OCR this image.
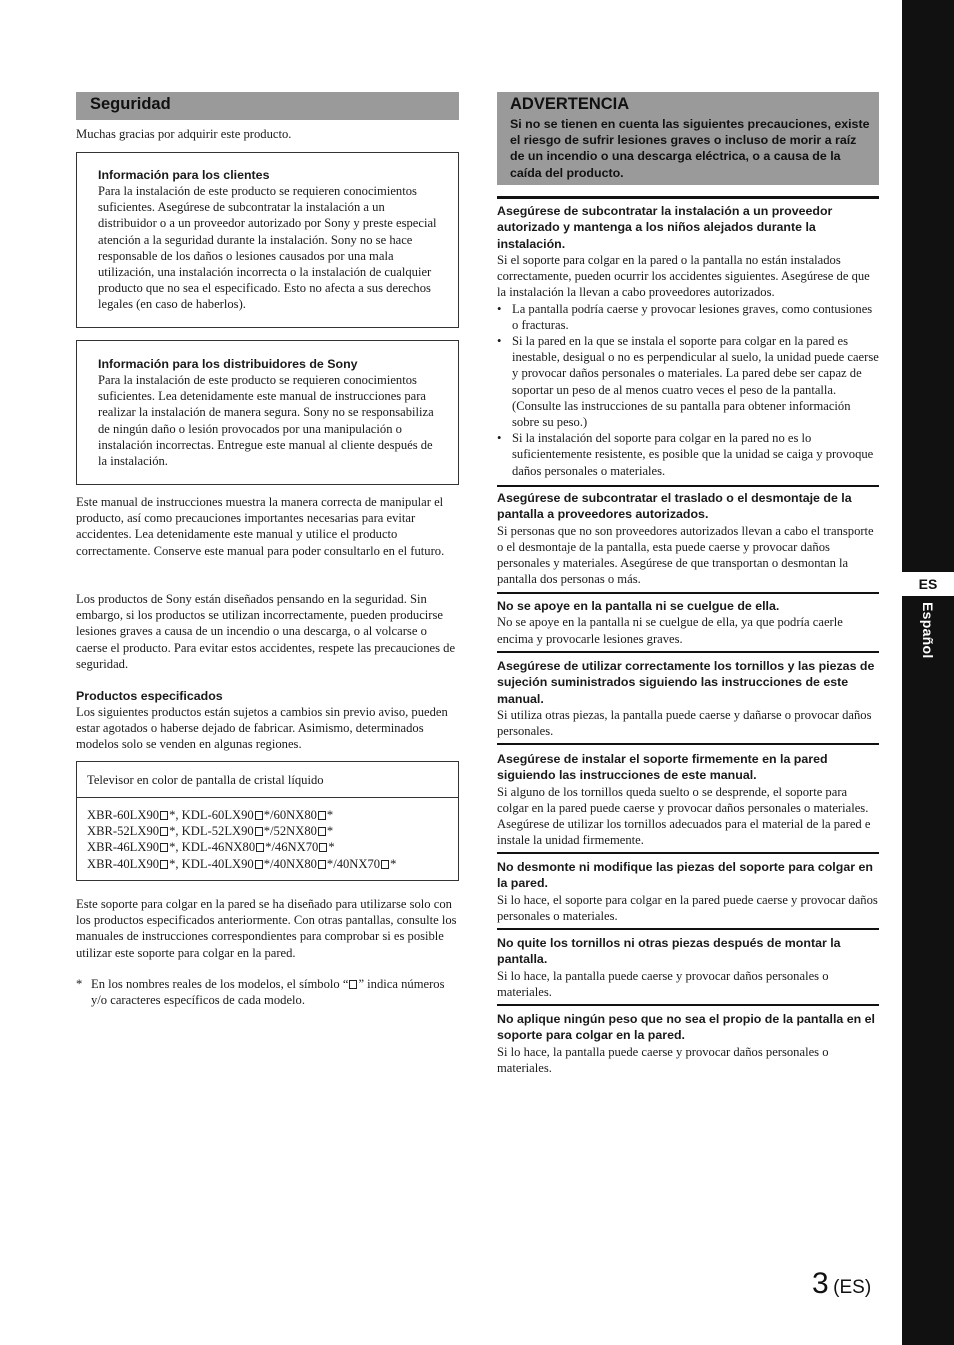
ES
Español
Seguridad

Muchas gracias por adquirir este producto.

Información para los clientes

Para la instalación de este producto se requieren conocimientos suficientes. Asegúrese de subcontratar la instalación a un distribuidor o a un proveedor autorizado por Sony y preste especial atención a la seguridad durante la instalación. Sony no se hace responsable de los daños o lesiones causados por una mala utilización, una instalación incorrecta o la instalación de cualquier producto que no sea el especificado. Esto no afecta a sus derechos legales (en caso de haberlos).

Información para los distribuidores de Sony

Para la instalación de este producto se requieren conocimientos suficientes. Lea detenidamente este manual de instrucciones para realizar la instalación de manera segura. Sony no se responsabiliza de ningún daño o lesión provocados por una manipulación o instalación incorrectas. Entregue este manual al cliente después de la instalación.

Este manual de instrucciones muestra la manera correcta de manipular el producto, así como precauciones importantes necesarias para evitar accidentes. Lea detenidamente este manual y utilice el producto correctamente. Conserve este manual para poder consultarlo en el futuro.

Los productos de Sony están diseñados pensando en la seguridad. Sin embargo, si los productos se utilizan incorrectamente, pueden producirse lesiones graves a causa de un incendio o una descarga, o al volcarse o caerse el producto. Para evitar estos accidentes, respete las precauciones de seguridad.

Productos especificados

Los siguientes productos están sujetos a cambios sin previo aviso, pueden estar agotados o haberse dejado de fabricar. Asimismo, determinados modelos solo se venden en algunas regiones.

Televisor en color de pantalla de cristal líquido
XBR-60LX90 *, KDL-60LX90 */60NX80 *
XBR-52LX90 *, KDL-52LX90 */52NX80 *
XBR-46LX90 *, KDL-46NX80 */46NX70 *
XBR-40LX90 *, KDL-40LX90 */40NX80 */40NX70 *

Este soporte para colgar en la pared se ha diseñado para utilizarse solo con los productos especificados anteriormente. Con otras pantallas, consulte los manuales de instrucciones correspondientes para comprobar si es posible utilizar este soporte para colgar en la pared.

* En los nombres reales de los modelos, el símbolo “ ” indica números y/o caracteres específicos de cada modelo.
ADVERTENCIA

Si no se tienen en cuenta las siguientes precauciones, existe el riesgo de sufrir lesiones graves o incluso de morir a raíz de un incendio o una descarga eléctrica, o a causa de la caída del producto.

Asegúrese de subcontratar la instalación a un proveedor autorizado y mantenga a los niños alejados durante la instalación.

Si el soporte para colgar en la pared o la pantalla no están instalados correctamente, pueden ocurrir los accidentes siguientes. Asegúrese de que la instalación la llevan a cabo proveedores autorizados.

• La pantalla podría caerse y provocar lesiones graves, como contusiones o fracturas.
• Si la pared en la que se instala el soporte para colgar en la pared es inestable, desigual o no es perpendicular al suelo, la unidad puede caerse y provocar daños personales o materiales. La pared debe ser capaz de soportar un peso de al menos cuatro veces el peso de la pantalla. (Consulte las instrucciones de su pantalla para obtener información sobre su peso.)
• Si la instalación del soporte para colgar en la pared no es lo suficientemente resistente, es posible que la unidad se caiga y provoque daños personales o materiales.
Asegúrese de subcontratar el traslado o el desmontaje de la pantalla a proveedores autorizados.

Si personas que no son proveedores autorizados llevan a cabo el transporte o el desmontaje de la pantalla, esta puede caerse y provocar daños personales y materiales. Asegúrese de que transportan o desmontan la pantalla dos personas o más.

No se apoye en la pantalla ni se cuelgue de ella.

No se apoye en la pantalla ni se cuelgue de ella, ya que podría caerle encima y provocarle lesiones graves.

Asegúrese de utilizar correctamente los tornillos y las piezas de sujeción suministrados siguiendo las instrucciones de este manual.

Si utiliza otras piezas, la pantalla puede caerse y dañarse o provocar daños personales.

Asegúrese de instalar el soporte firmemente en la pared siguiendo las instrucciones de este manual.

Si alguno de los tornillos queda suelto o se desprende, el soporte para colgar en la pared puede caerse y provocar daños personales o materiales. Asegúrese de utilizar los tornillos adecuados para el material de la pared e instale la unidad firmemente.

No desmonte ni modifique las piezas del soporte para colgar en la pared.

Si lo hace, el soporte para colgar en la pared puede caerse y provocar daños personales o materiales.

No quite los tornillos ni otras piezas después de montar la pantalla.

Si lo hace, la pantalla puede caerse y provocar daños personales o materiales.

No aplique ningún peso que no sea el propio de la pantalla en el soporte para colgar en la pared.

Si lo hace, la pantalla puede caerse y provocar daños personales o materiales.

3 (ES)
